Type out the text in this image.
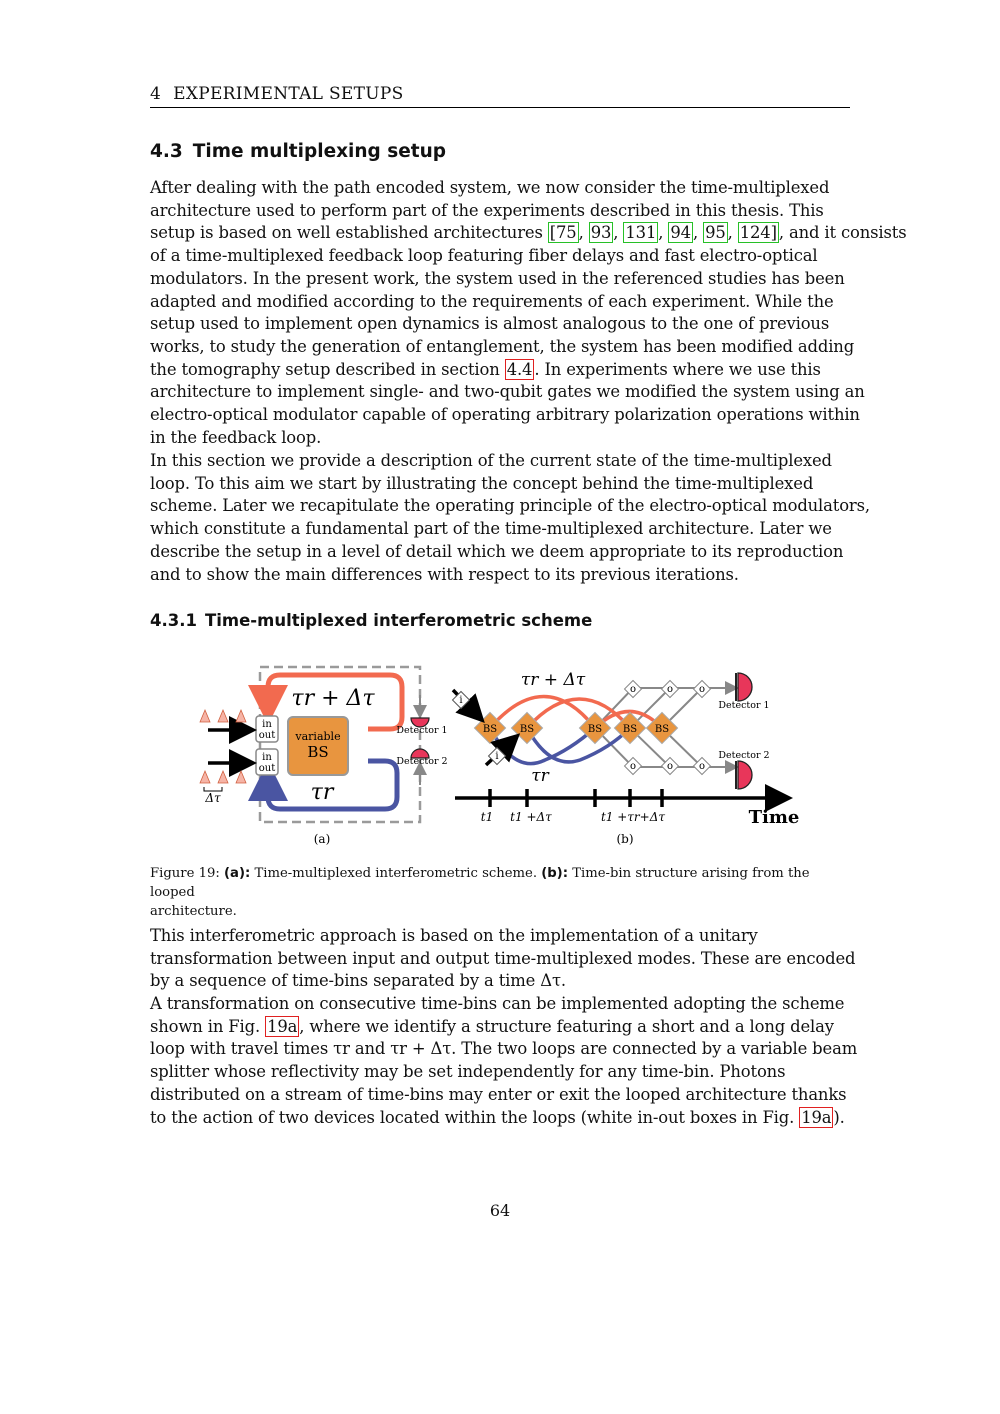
4 EXPERIMENTAL SETUPS
4.3 Time multiplexing setup
After dealing with the path encoded system, we now consider the time-multiplexed
architecture used to perform part of the experiments described in this thesis. This
setup is based on well established architectures [75 , 93 , 131 , 94 , 95 , 124] , and it consists
of a time-multiplexed feedback loop featuring fiber delays and fast electro-optical
modulators. In the present work, the system used in the referenced studies has been
adapted and modified according to the requirements of each experiment. While the
setup used to implement open dynamics is almost analogous to the one of previous
works, to study the generation of entanglement, the system has been modified adding
the tomography setup described in section 4.4 . In experiments where we use this
architecture to implement single- and two-qubit gates we modified the system using an
electro-optical modulator capable of operating arbitrary polarization operations within
in the feedback loop.
In this section we provide a description of the current state of the time-multiplexed
loop. To this aim we start by illustrating the concept behind the time-multiplexed
scheme. Later we recapitulate the operating principle of the electro-optical modulators,
which constitute a fundamental part of the time-multiplexed architecture. Later we
describe the setup in a level of detail which we deem appropriate to its reproduction
and to show the main differences with respect to its previous iterations.
4.3.1 Time-multiplexed interferometric scheme
variable
BS
in
out
in
out
Δτ
τr + Δτ
τr
Detector 1
Detector 2
(a)
BS BS	BS BS BS
o	o	o
o	o	o
i
i
τr + Δτ
τr
Detector 1
Detector 2
t1 t1 +Δτ	t1 +τr+Δτ	Time
(b)
Figure 19: (a): Time-multiplexed interferometric scheme. (b): Time-bin structure arising from the looped
architecture.
This interferometric approach is based on the implementation of a unitary
transformation between input and output time-multiplexed modes. These are encoded
by a sequence of time-bins separated by a time Δτ.
A transformation on consecutive time-bins can be implemented adopting the scheme
shown in Fig. 19a , where we identify a structure featuring a short and a long delay
loop with travel times τr and τr + Δτ. The two loops are connected by a variable beam
splitter whose reflectivity may be set independently for any time-bin. Photons
distributed on a stream of time-bins may enter or exit the looped architecture thanks
to the action of two devices located within the loops (white in-out boxes in Fig. 19a ).
64
